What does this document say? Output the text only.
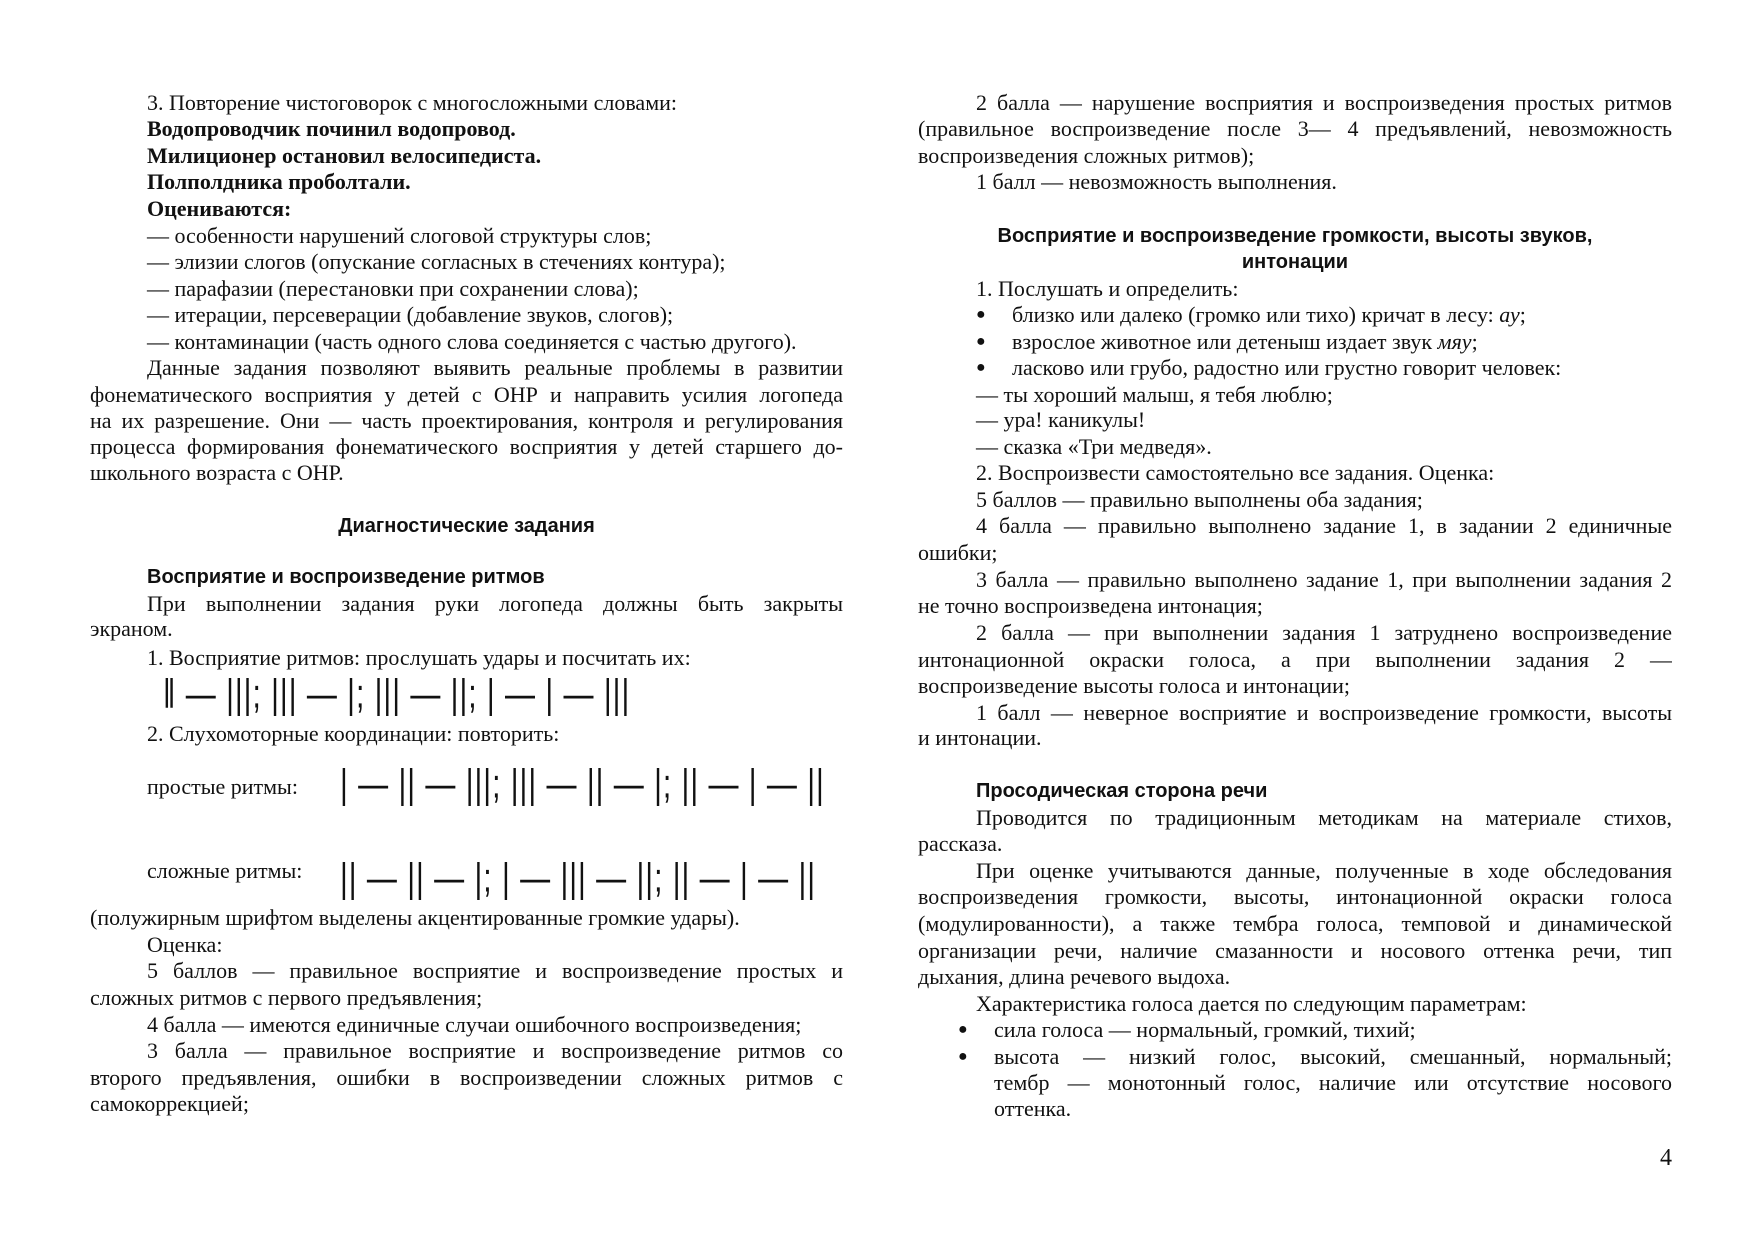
3. Повторение чистоговорок с многосложными словами:
Водопроводчик починил водопровод.
Милиционер остановил велосипедиста.
Полполдника проболтали.
Оцениваются:
— особенности нарушений слоговой структуры слов;
— элизии слогов (опускание согласных в стечениях контура);
— парафазии (перестановки при сохранении слова);
— итерации, персеверации (добавление звуков, слогов);
— контаминации (часть одного слова соединяется с частью другого).
Данные задания позволяют выявить реальные проблемы в развитии
фонематического восприятия у детей с ОНР и направить усилия логопеда
на их разрешение. Они — часть проектирования, контроля и регулирования
процесса формирования фонематического восприятия у детей старшего до-
школьного возраста с ОНР.
Диагностические задания
Восприятие и воспроизведение ритмов
При выполнении задания руки логопеда должны быть закрыты
экраном.
1. Восприятие ритмов: прослушать удары и посчитать их:
‖ — |||; ||| — |; ||| — ||; | — | — |||
2. Слухомоторные координации: повторить:
простые ритмы: | — || — |||; ||| — || — |; || — | — ||
сложные ритмы: || — || — |; | — ||| — ||; || — | — ||
(полужирным шрифтом выделены акцентированные громкие удары).
Оценка:
5 баллов — правильное восприятие и воспроизведение простых и
сложных ритмов с первого предъявления;
4 балла — имеются единичные случаи ошибочного воспроизведения;
3 балла — правильное восприятие и воспроизведение ритмов со
второго предъявления, ошибки в воспроизведении сложных ритмов с
самокоррекцией;
2 балла — нарушение восприятия и воспроизведения простых ритмов
(правильное воспроизведение после 3— 4 предъявлений, невозможность
воспроизведения сложных ритмов);
1 балл — невозможность выполнения.
Восприятие и воспроизведение громкости, высоты звуков,
интонации
1. Послушать и определить:
● близко или далеко (громко или тихо) кричат в лесу: ау;
● взрослое животное или детеныш издает звук мяу;
● ласково или грубо, радостно или грустно говорит человек:
— ты хороший малыш, я тебя люблю;
— ура! каникулы!
— сказка «Три медведя».
2. Воспроизвести самостоятельно все задания. Оценка:
5 баллов — правильно выполнены оба задания;
4 балла — правильно выполнено задание 1, в задании 2 единичные
ошибки;
3 балла — правильно выполнено задание 1, при выполнении задания 2
не точно воспроизведена интонация;
2 балла — при выполнении задания 1 затруднено воспроизведение
интонационной окраски голоса, а при выполнении задания 2 —
воспроизведение высоты голоса и интонации;
1 балл — неверное восприятие и воспроизведение громкости, высоты
и интонации.
Просодическая сторона речи
Проводится по традиционным методикам на материале стихов,
рассказа.
При оценке учитываются данные, полученные в ходе обследования
воспроизведения громкости, высоты, интонационной окраски голоса
(модулированности), а также тембра голоса, темповой и динамической
организации речи, наличие смазанности и носового оттенка речи, тип
дыхания, длина речевого выдоха.
Характеристика голоса дается по следующим параметрам:
● сила голоса — нормальный, громкий, тихий;
● высота — низкий голос, высокий, смешанный, нормальный;
тембр — монотонный голос, наличие или отсутствие носового
оттенка.
4
